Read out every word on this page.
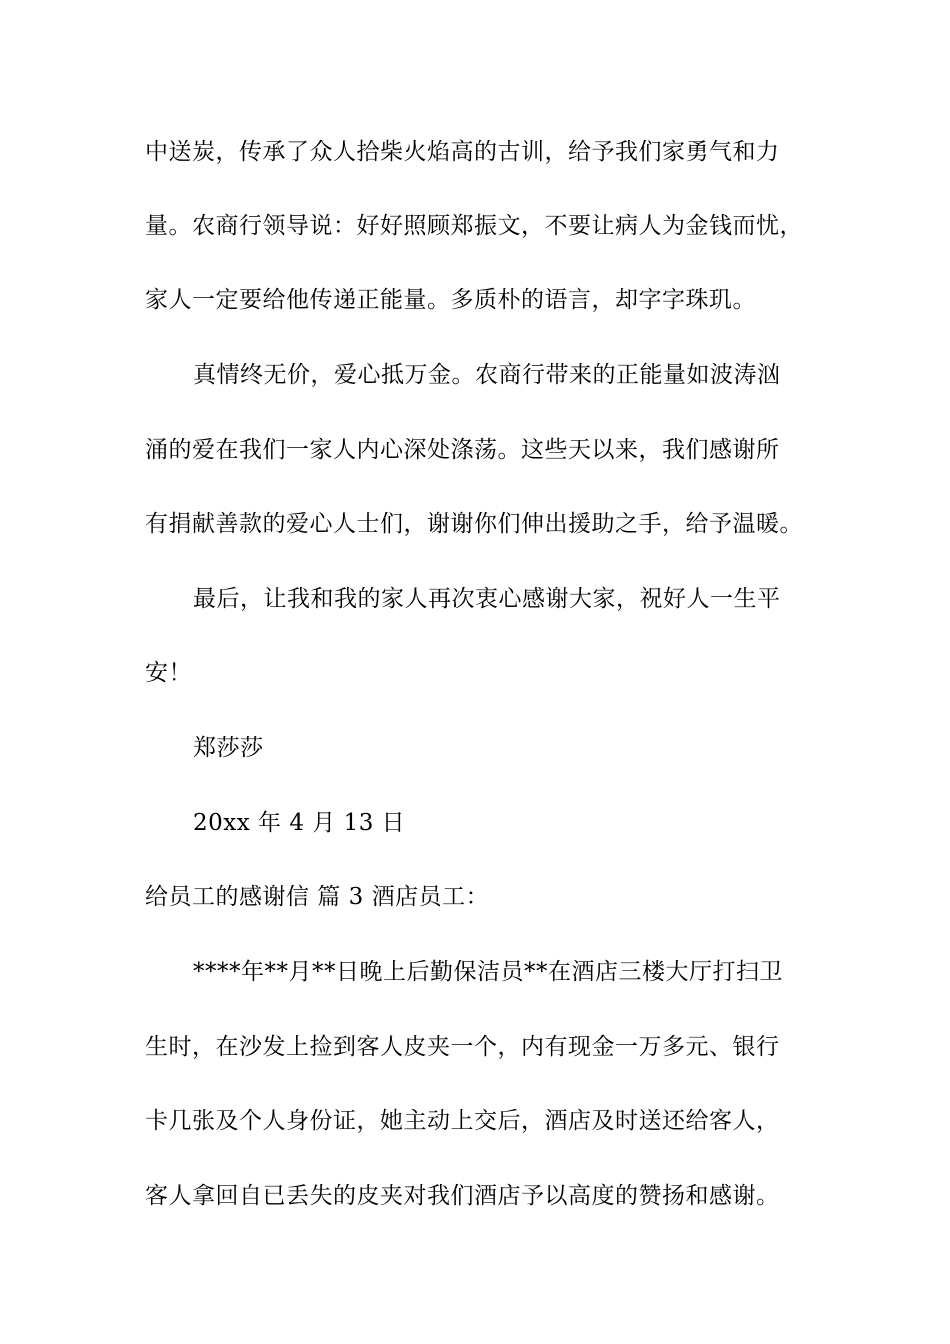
中送炭，传承了众人拾柴火焰高的古训，给予我们家勇气和力
量。农商行领导说：好好照顾郑振文，不要让病人为金钱而忧，
家人一定要给他传递正能量。多质朴的语言，却字字珠玑。
真情终无价，爱心抵万金。农商行带来的正能量如波涛汹
涌的爱在我们一家人内心深处涤荡。这些天以来，我们感谢所
有捐献善款的爱心人士们，谢谢你们伸出援助之手，给予温暖。
最后，让我和我的家人再次衷心感谢大家，祝好人一生平
安！
郑莎莎
20xx 年 4 月 13 日
给员工的感谢信 篇 3 酒店员工：
****年**月**日晚上后勤保洁员**在酒店三楼大厅打扫卫
生时，在沙发上捡到客人皮夹一个，内有现金一万多元、银行
卡几张及个人身份证，她主动上交后，酒店及时送还给客人，
客人拿回自已丢失的皮夹对我们酒店予以高度的赞扬和感谢。
